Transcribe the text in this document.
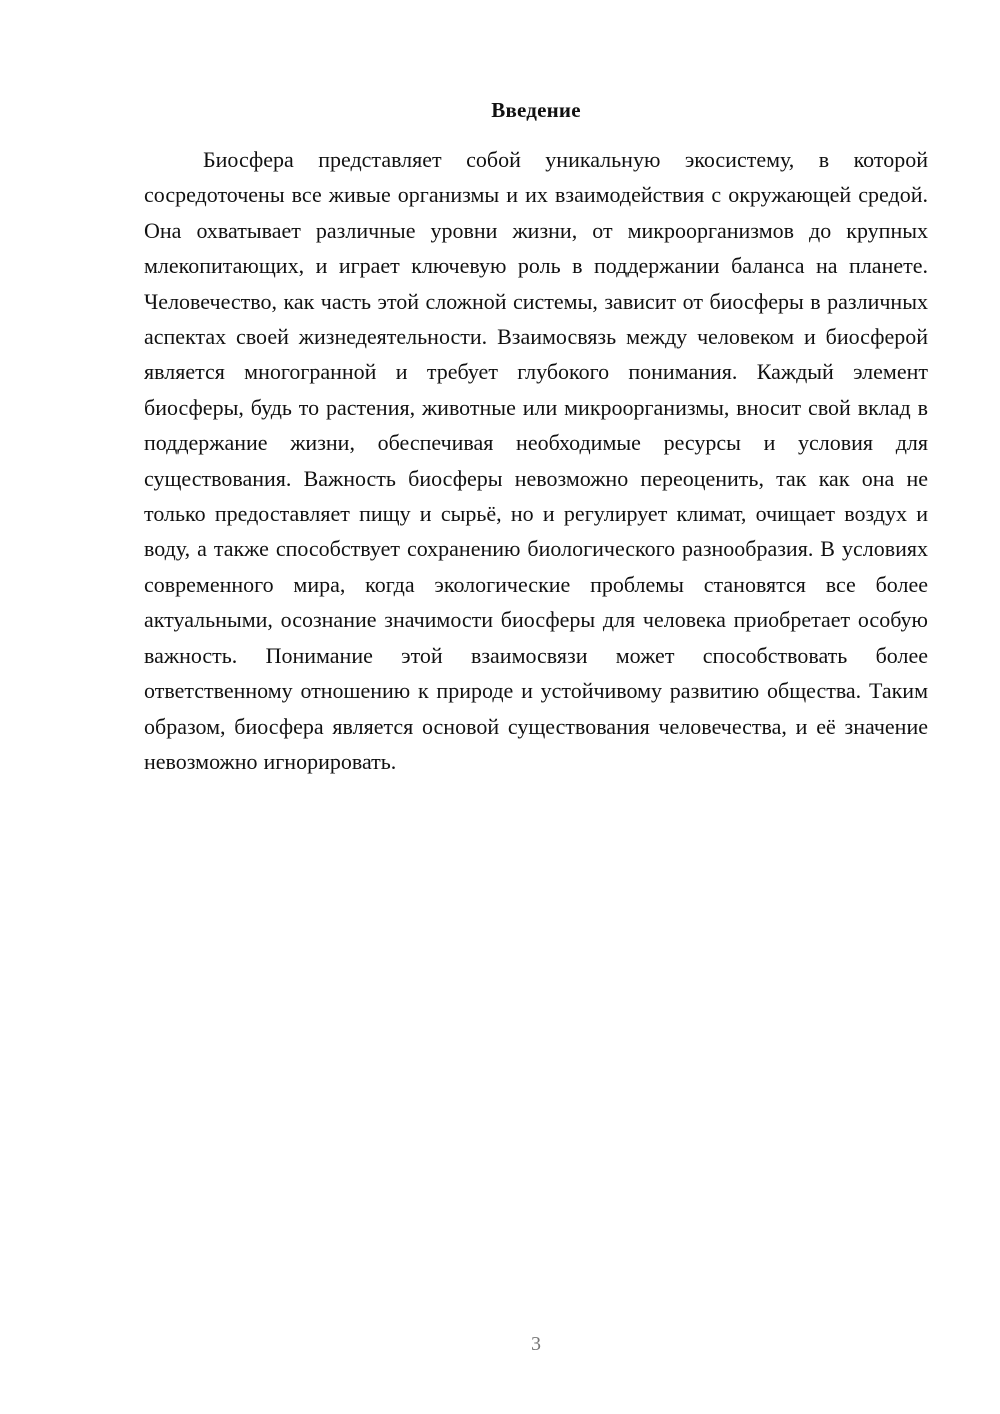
Введение

Биосфера представляет собой уникальную экосистему, в которой сосредоточены все живые организмы и их взаимодействия с окружающей средой. Она охватывает различные уровни жизни, от микроорганизмов до крупных млекопитающих, и играет ключевую роль в поддержании баланса на планете. Человечество, как часть этой сложной системы, зависит от биосферы в различных аспектах своей жизнедеятельности. Взаимосвязь между человеком и биосферой является многогранной и требует глубокого понимания. Каждый элемент биосферы, будь то растения, животные или микроорганизмы, вносит свой вклад в поддержание жизни, обеспечивая необходимые ресурсы и условия для существования. Важность биосферы невозможно переоценить, так как она не только предоставляет пищу и сырьё, но и регулирует климат, очищает воздух и воду, а также способствует сохранению биологического разнообразия. В условиях современного мира, когда экологические проблемы становятся все более актуальными, осознание значимости биосферы для человека приобретает особую важность. Понимание этой взаимосвязи может способствовать более ответственному отношению к природе и устойчивому развитию общества. Таким образом, биосфера является основой существования человечества, и её значение невозможно игнорировать.

3
